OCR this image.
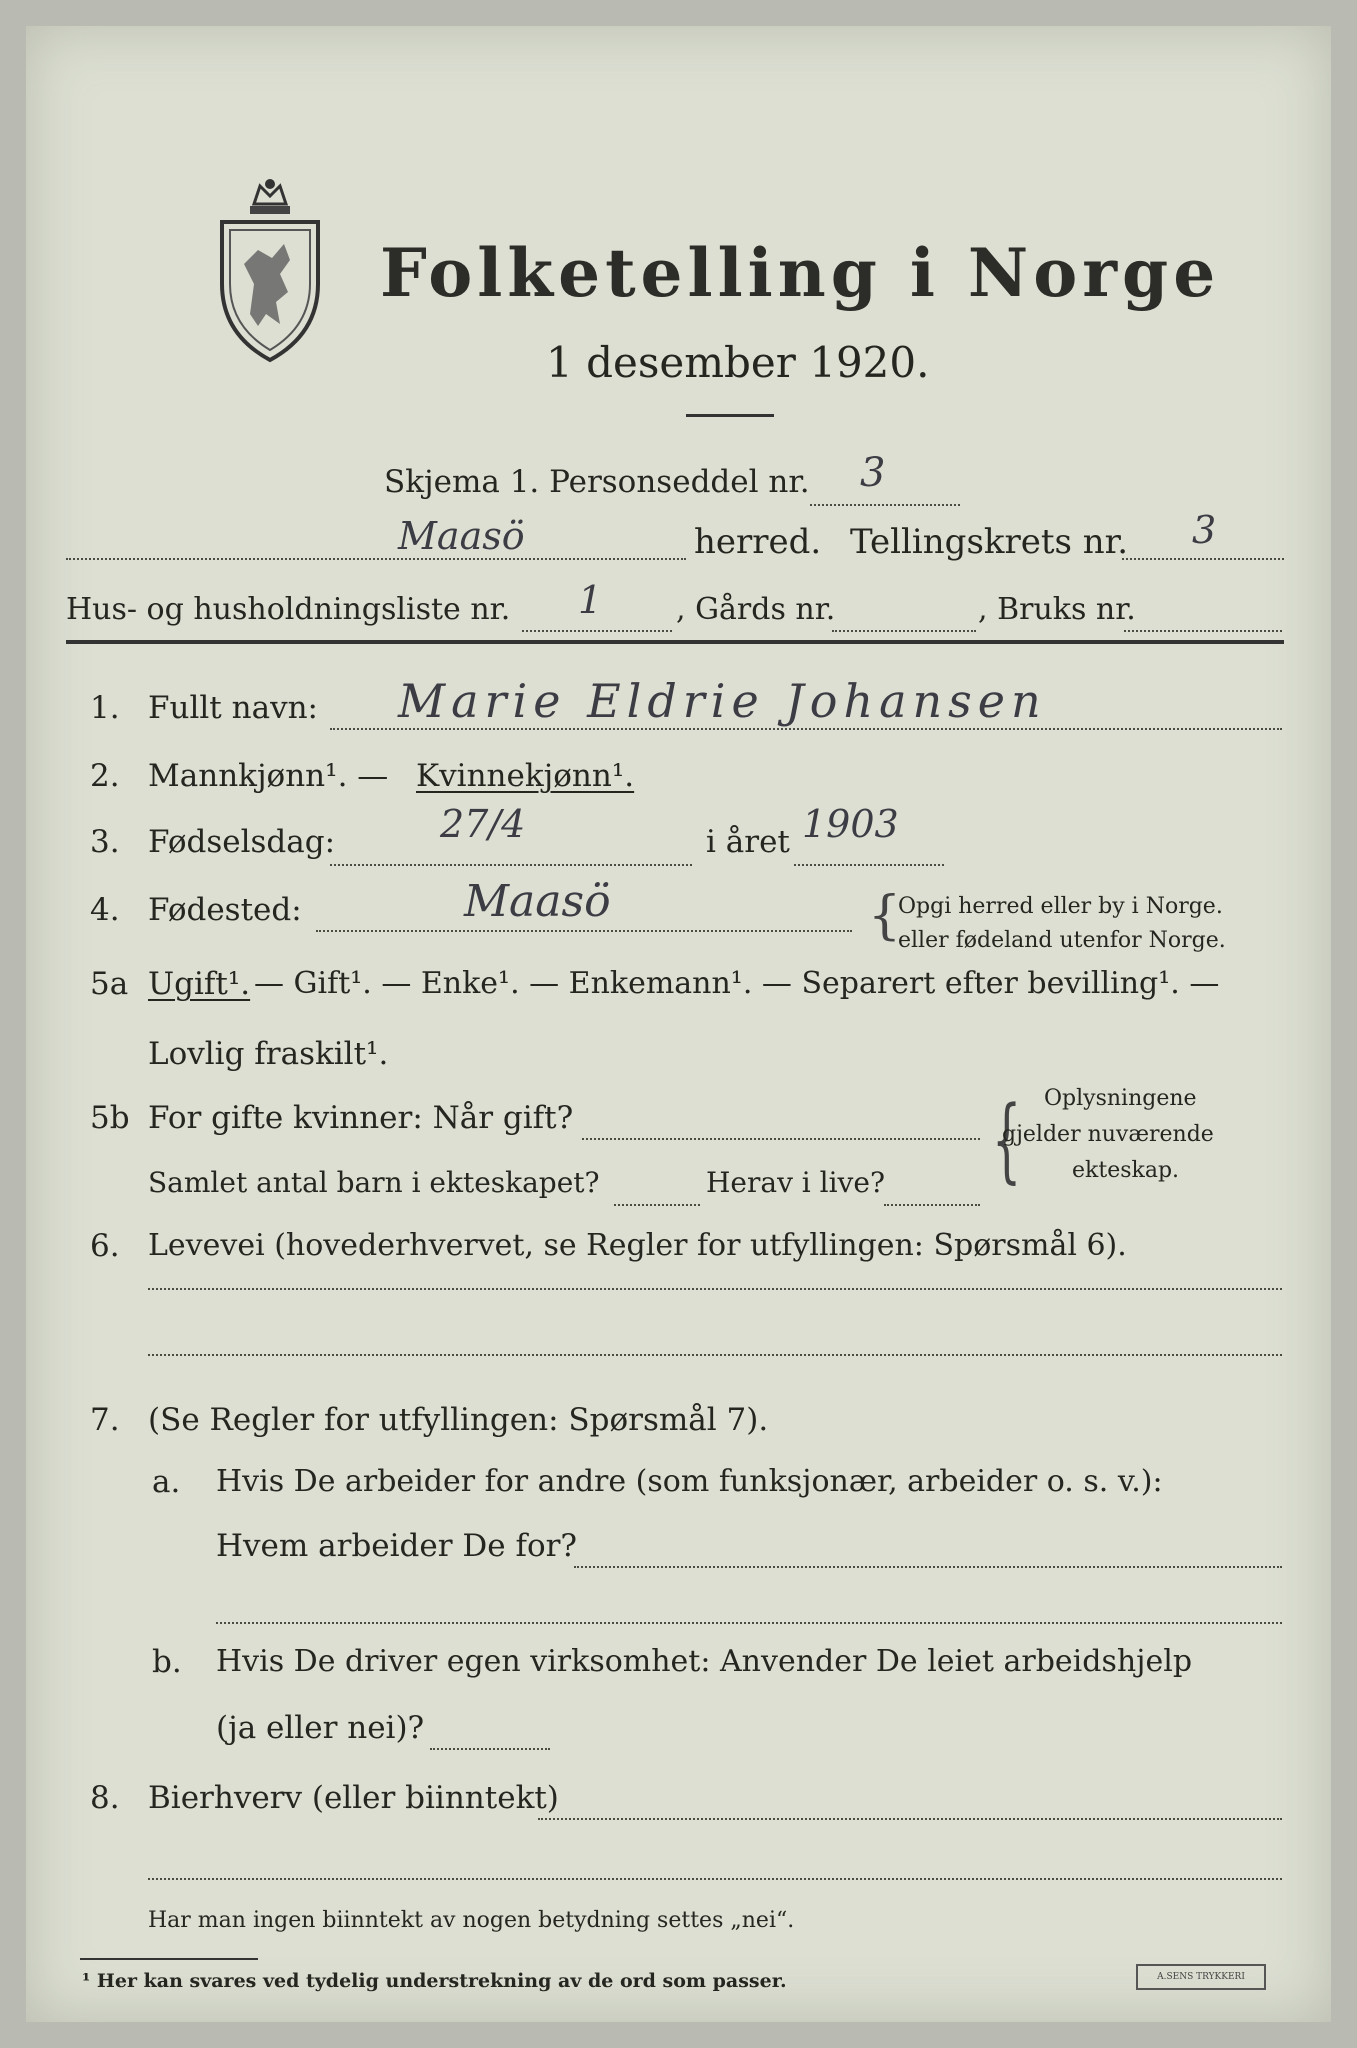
Folketelling i Norge
1 desember 1920.
Skjema 1. Personseddel nr. 3
Maasö	herred. Tellingskrets nr. 3
Hus- og husholdningsliste nr. 1 , Gårds nr.	, Bruks nr.
1. Fullt navn: Marie Eldrie Johansen
2. Mannkjønn¹. — Kvinnekjønn¹.
3. Fødselsdag:	27/4	i året 1903
4. Fødested:	Maasö	{
Opgi herred eller by i Norge.
eller fødeland utenfor Norge.
5a Ugift¹. — Gift¹. — Enke¹. — Enkemann¹. — Separert efter bevilling¹. —
Lovlig fraskilt¹.
5b For gifte kvinner: Når gift?
Samlet antal barn i ekteskapet?	Herav i live? { Oplysningene
gjelder nuværende
ekteskap.
6. Levevei (hovederhvervet, se Regler for utfyllingen: Spørsmål 6).
7. (Se Regler for utfyllingen: Spørsmål 7).
a. Hvis De arbeider for andre (som funksjonær, arbeider o. s. v.):
Hvem arbeider De for?
b. Hvis De driver egen virksomhet: Anvender De leiet arbeidshjelp
(ja eller nei)?
8. Bierhverv (eller biinntekt)
Har man ingen biinntekt av nogen betydning settes „nei“.
¹ Her kan svares ved tydelig understrekning av de ord som passer.	A.SENS TRYKKERI
